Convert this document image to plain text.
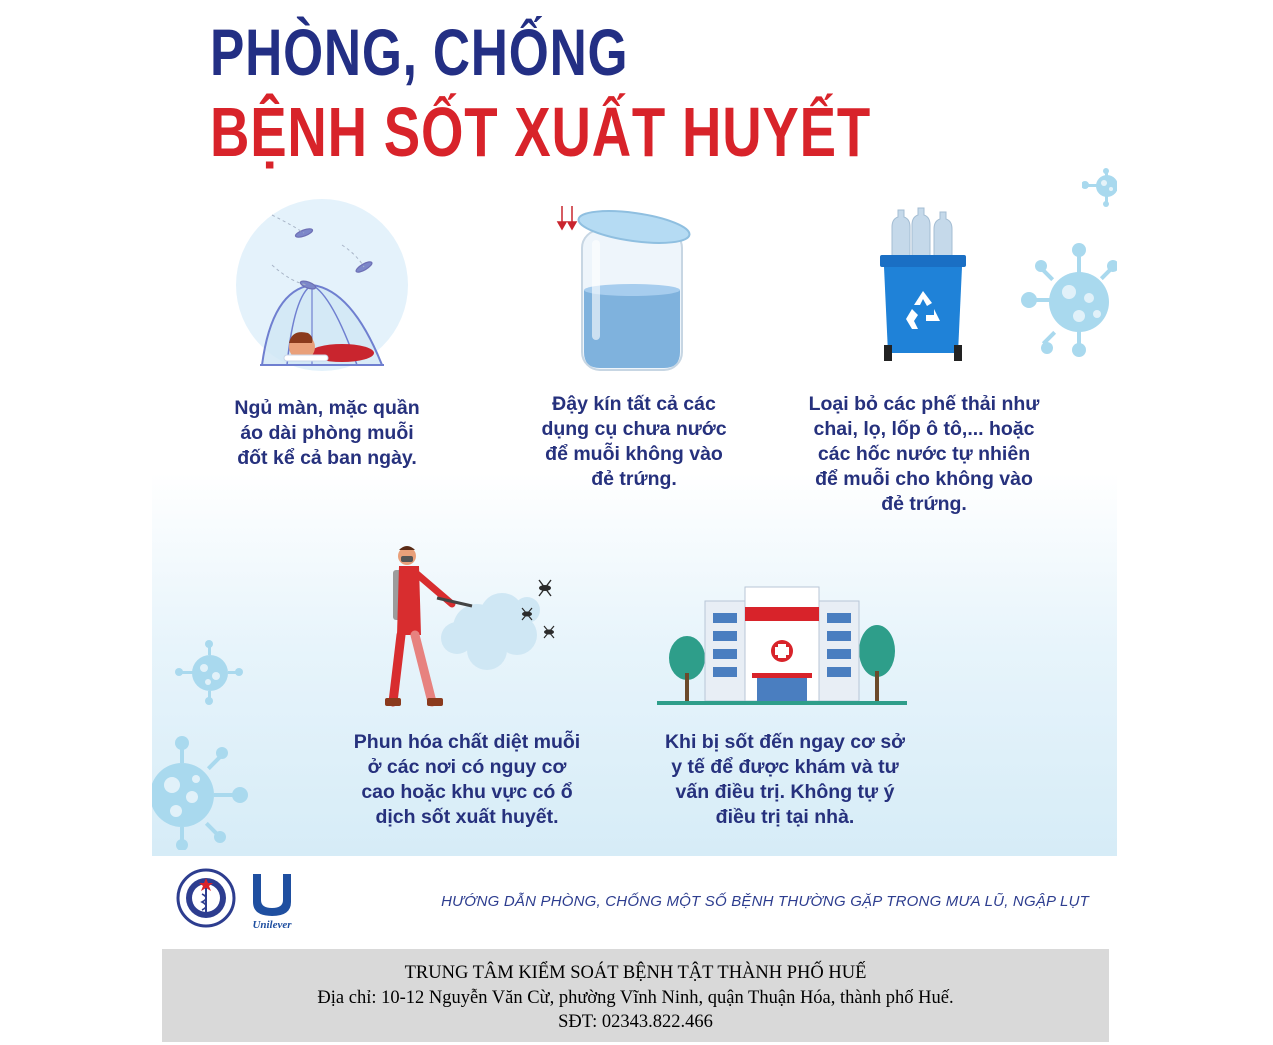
PHÒNG, CHỐNG
BỆNH SỐT XUẤT HUYẾT
Ngủ màn, mặc quần
áo dài phòng muỗi
đốt kể cả ban ngày.
Đậy kín tất cả các
dụng cụ chưa nước
để muỗi không vào
đẻ trứng.
Loại bỏ các phế thải như
chai, lọ, lốp ô tô,... hoặc
các hốc nước tự nhiên
để muỗi cho không vào
đẻ trứng.
Phun hóa chất diệt muỗi
ở các nơi có nguy cơ
cao hoặc khu vực có ổ
dịch sốt xuất huyết.
Khi bị sốt đến ngay cơ sở
y tế để được khám và tư
vấn điều trị. Không tự ý
điều trị tại nhà.
Unilever
HƯỚNG DẪN PHÒNG, CHỐNG MỘT SỐ BỆNH THƯỜNG GẶP TRONG MƯA LŨ, NGẬP LỤT
TRUNG TÂM KIỂM SOÁT BỆNH TẬT THÀNH PHỐ HUẾ
Địa chỉ: 10-12 Nguyễn Văn Cừ, phường Vĩnh Ninh, quận Thuận Hóa, thành phố Huế.
SĐT: 02343.822.466
